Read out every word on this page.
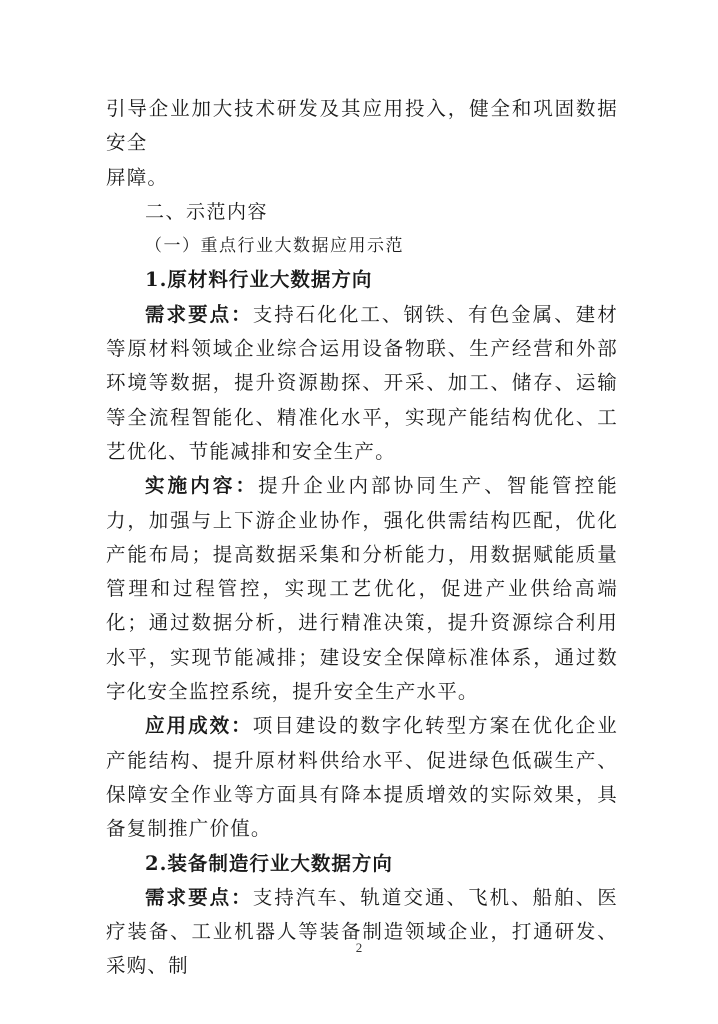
引导企业加大技术研发及其应用投入，健全和巩固数据安全
屏障。

二、示范内容

（一）重点行业大数据应用示范

1.原材料行业大数据方向

需求要点：支持石化化工、钢铁、有色金属、建材等原材料领域企业综合运用设备物联、生产经营和外部环境等数据，提升资源勘探、开采、加工、储存、运输等全流程智能化、精准化水平，实现产能结构优化、工艺优化、节能减排和安全生产。

实施内容：提升企业内部协同生产、智能管控能力，加强与上下游企业协作，强化供需结构匹配，优化产能布局；提高数据采集和分析能力，用数据赋能质量管理和过程管控，实现工艺优化，促进产业供给高端化；通过数据分析，进行精准决策，提升资源综合利用水平，实现节能减排；建设安全保障标准体系，通过数字化安全监控系统，提升安全生产水平。

应用成效：项目建设的数字化转型方案在优化企业产能结构、提升原材料供给水平、促进绿色低碳生产、保障安全作业等方面具有降本提质增效的实际效果，具备复制推广价值。

2.装备制造行业大数据方向

需求要点：支持汽车、轨道交通、飞机、船舶、医疗装备、工业机器人等装备制造领域企业，打通研发、采购、制

2
